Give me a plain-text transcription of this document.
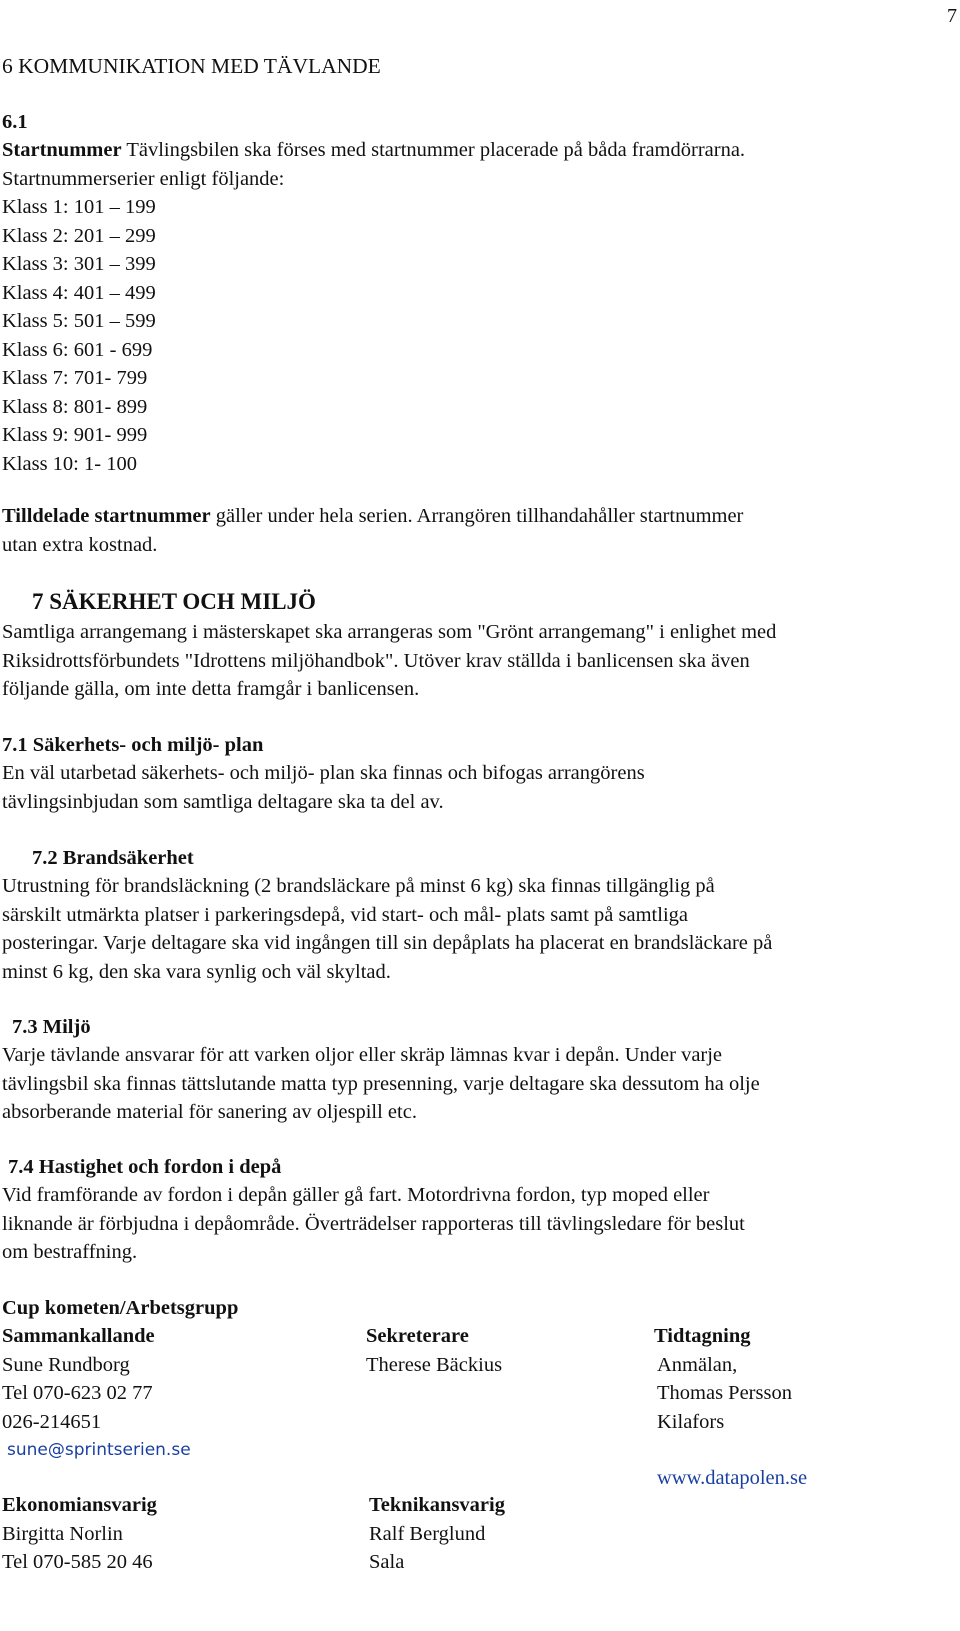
7
6 KOMMUNIKATION MED TÄVLANDE
6.1
Startnummer Tävlingsbilen ska förses med startnummer placerade på båda framdörrarna.
Startnummerserier enligt följande:
Klass 1: 101 – 199
Klass 2: 201 – 299
Klass 3: 301 – 399
Klass 4: 401 – 499
Klass 5: 501 – 599
Klass 6: 601 - 699
Klass 7: 701- 799
Klass 8: 801- 899
Klass 9: 901- 999
Klass 10: 1- 100
Tilldelade startnummer gäller under hela serien. Arrangören tillhandahåller startnummer
utan extra kostnad.
7 SÄKERHET OCH MILJÖ
Samtliga arrangemang i mästerskapet ska arrangeras som "Grönt arrangemang" i enlighet med
Riksidrottsförbundets "Idrottens miljöhandbok". Utöver krav ställda i banlicensen ska även
följande gälla, om inte detta framgår i banlicensen.
7.1 Säkerhets- och miljö- plan
En väl utarbetad säkerhets- och miljö- plan ska finnas och bifogas arrangörens
tävlingsinbjudan som samtliga deltagare ska ta del av.
7.2 Brandsäkerhet
Utrustning för brandsläckning (2 brandsläckare på minst 6 kg) ska finnas tillgänglig på
särskilt utmärkta platser i parkeringsdepå, vid start- och mål- plats samt på samtliga
posteringar. Varje deltagare ska vid ingången till sin depåplats ha placerat en brandsläckare på
minst 6 kg, den ska vara synlig och väl skyltad.
7.3 Miljö
Varje tävlande ansvarar för att varken oljor eller skräp lämnas kvar i depån. Under varje
tävlingsbil ska finnas tättslutande matta typ presenning, varje deltagare ska dessutom ha olje
absorberande material för sanering av oljespill etc.
7.4 Hastighet och fordon i depå
Vid framförande av fordon i depån gäller gå fart. Motordrivna fordon, typ moped eller
liknande är förbjudna i depåområde. Överträdelser rapporteras till tävlingsledare för beslut
om bestraffning.
Cup kometen/Arbetsgrupp
Sammankallande
Sune Rundborg
Tel 070-623 02 77
026-214651
sune@sprintserien.se
Sekreterare
Therese Bäckius
Tidtagning
Anmälan,
Thomas Persson
Kilafors
www.datapolen.se
Ekonomiansvarig
Birgitta Norlin
Tel 070-585 20 46
Teknikansvarig
Ralf Berglund
Sala
